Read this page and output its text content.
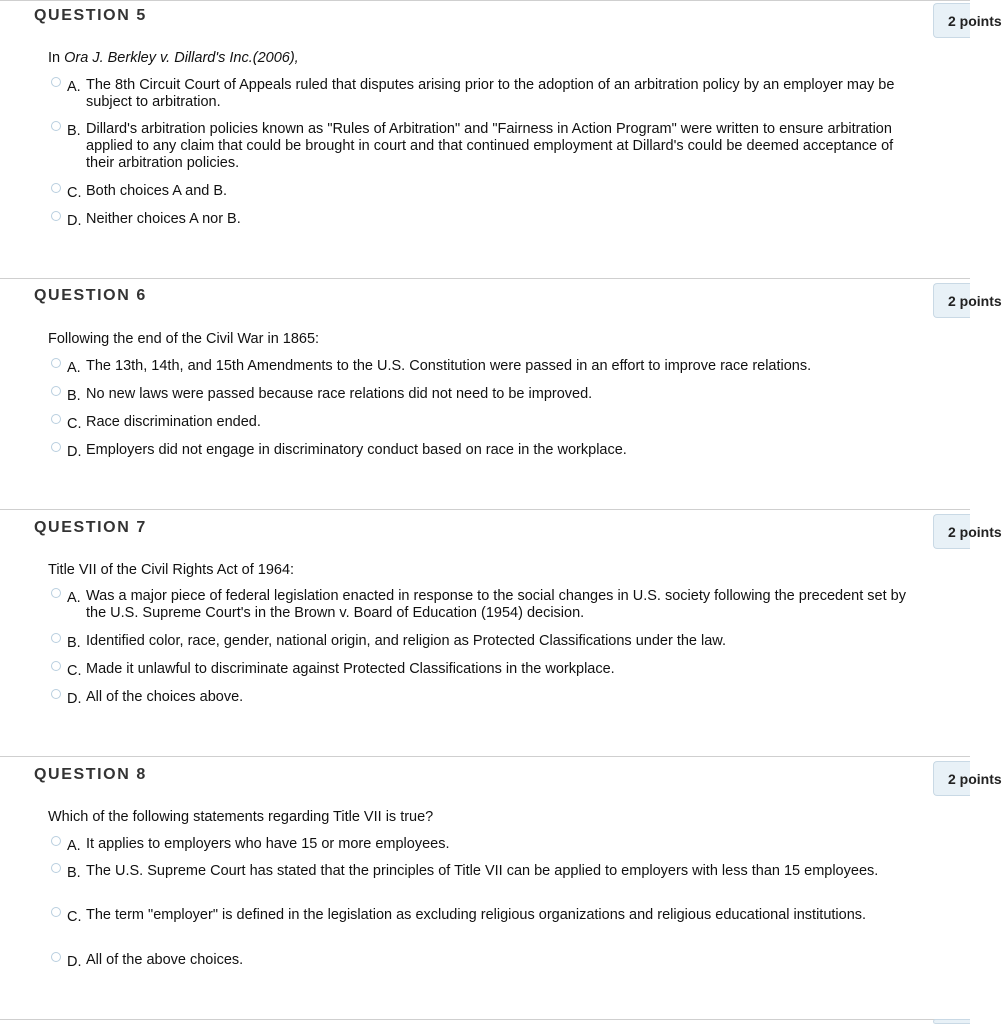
QUESTION 5	2 points
In Ora J. Berkley v. Dillard's Inc.(2006),
A. The 8th Circuit Court of Appeals ruled that disputes arising prior to the adoption of an arbitration policy by an employer may be subject to arbitration.
B. Dillard's arbitration policies known as "Rules of Arbitration" and "Fairness in Action Program" were written to ensure arbitration applied to any claim that could be brought in court and that continued employment at Dillard's could be deemed acceptance of their arbitration policies.
C. Both choices A and B.
D. Neither choices A nor B.
QUESTION 6	2 points
Following the end of the Civil War in 1865:
A. The 13th, 14th, and 15th Amendments to the U.S. Constitution were passed in an effort to improve race relations.
B. No new laws were passed because race relations did not need to be improved.
C. Race discrimination ended.
D. Employers did not engage in discriminatory conduct based on race in the workplace.
QUESTION 7	2 points
Title VII of the Civil Rights Act of 1964:
A. Was a major piece of federal legislation enacted in response to the social changes in U.S. society following the precedent set by the U.S. Supreme Court's in the Brown v. Board of Education (1954) decision.
B. Identified color, race, gender, national origin, and religion as Protected Classifications under the law.
C. Made it unlawful to discriminate against Protected Classifications in the workplace.
D. All of the choices above.
QUESTION 8	2 points
Which of the following statements regarding Title VII is true?
A. It applies to employers who have 15 or more employees.
B. The U.S. Supreme Court has stated that the principles of Title VII can be applied to employers with less than 15 employees.
C. The term "employer" is defined in the legislation as excluding religious organizations and religious educational institutions.
D. All of the above choices.
